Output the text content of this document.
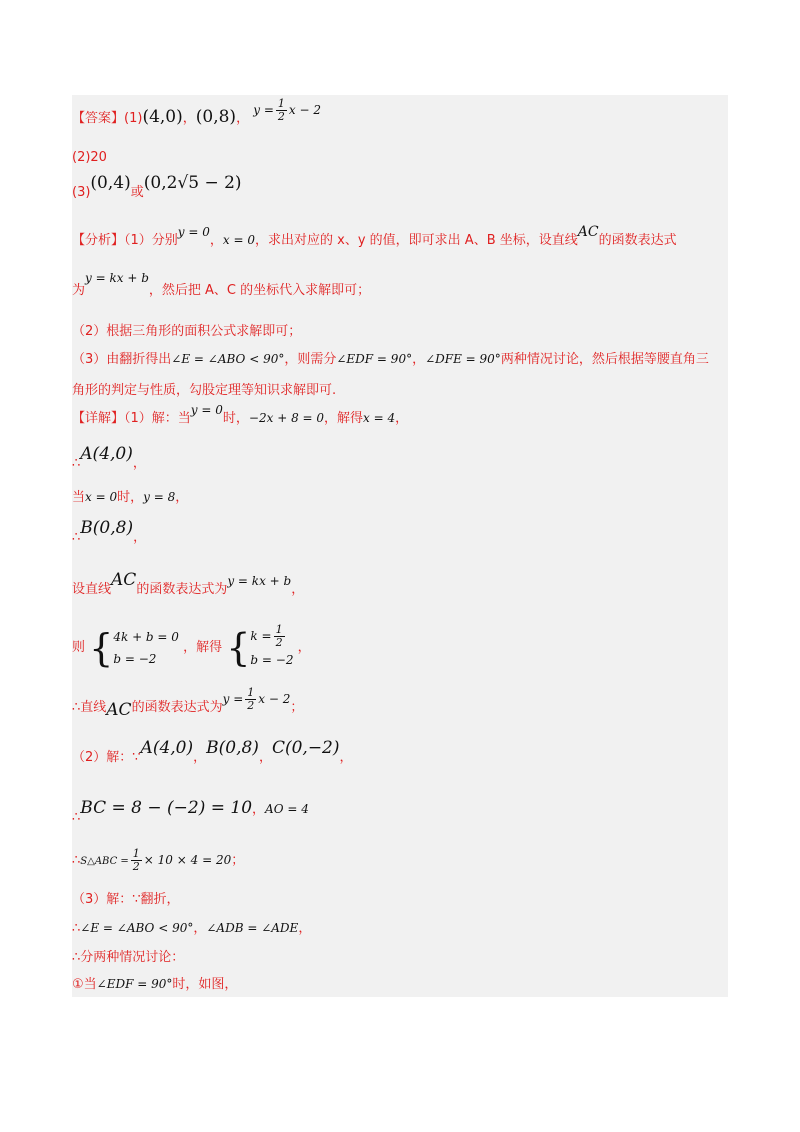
【答案】(1)(4,0)，(0,8)， $y = \frac{1}{2}$ x − 2
(2)20
(3)(0,4)或(0,2√5 − 2)
【分析】（1）分别y = 0，x = 0，求出对应的 x、y 的值，即可求出 A、B 坐标，设直线AC的函数表达式
为y = kx + b，然后把 A、C 的坐标代入求解即可；
（2）根据三角形的面积公式求解即可；
（3）由翻折得出∠E = ∠ABO < 90°，则需分∠EDF = 90°，∠DFE = 90°两种情况讨论，然后根据等腰直角三
角形的判定与性质，勾股定理等知识求解即可.
【详解】（1）解：当y = 0时，−2x + 8 = 0，解得x = 4，
∴A(4,0)，
当x = 0时，y = 8，
∴B(0,8)，
设直线AC的函数表达式为y = kx + b，
则 { 4k + b = 0
b = −2
，解得 { $k = \frac{1}{2}$
b = −2
，
∴直线AC的函数表达式为$y = \frac{1}{2}$ x − 2；
（2）解：∵A(4,0)，B(0,8)，C(0,−2)，
∴BC = 8 − (−2) = 10，AO = 4
∴S△ABC = $\frac{1}{2} \times 10 \times 4 = 20$；
（3）解：∵翻折，
∴∠E = ∠ABO < 90°，∠ADB = ∠ADE，
∴分两种情况讨论：
①当∠EDF = 90°时，如图，
